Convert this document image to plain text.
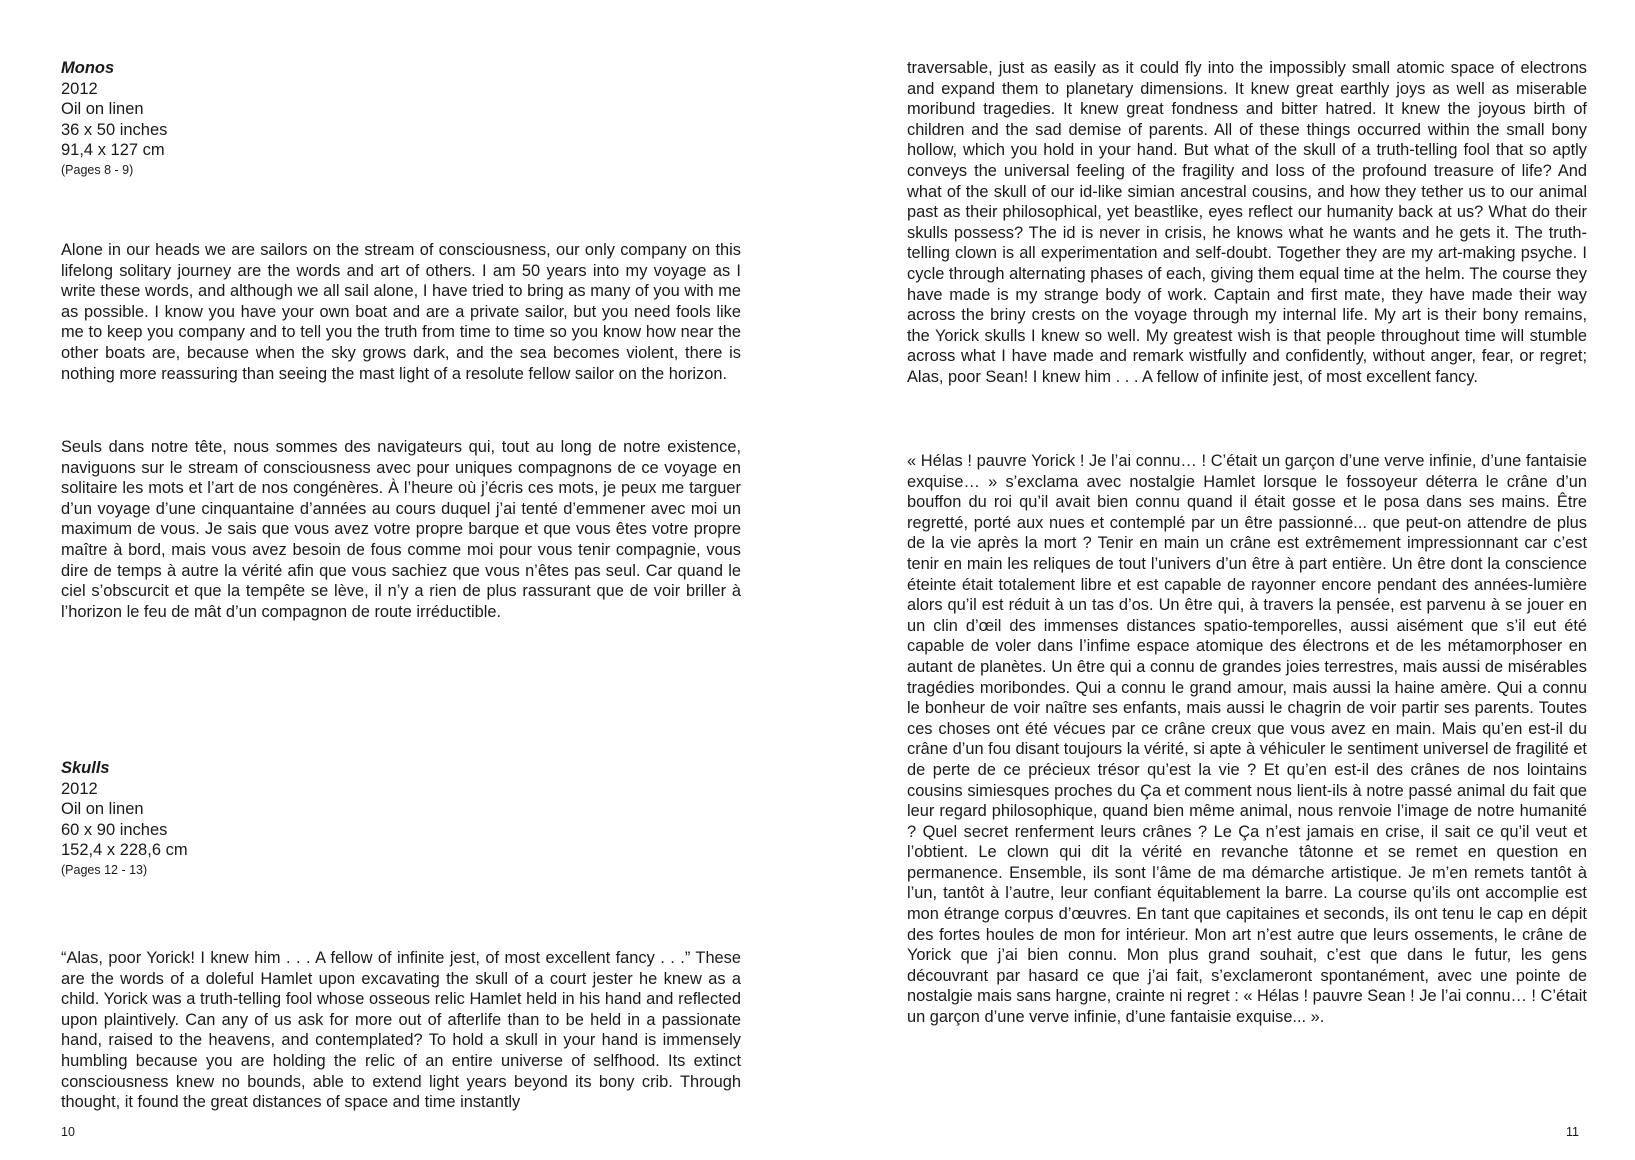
Monos
2012
Oil on linen
36 x 50 inches
91,4 x 127 cm
(Pages 8 - 9)
Alone in our heads we are sailors on the stream of consciousness, our only company on this lifelong solitary journey are the words and art of others. I am 50 years into my voyage as I write these words, and although we all sail alone, I have tried to bring as many of you with me as possible. I know you have your own boat and are a private sailor, but you need fools like me to keep you company and to tell you the truth from time to time so you know how near the other boats are, because when the sky grows dark, and the sea becomes violent, there is nothing more reassuring than seeing the mast light of a resolute fellow sailor on the horizon.
Seuls dans notre tête, nous sommes des navigateurs qui, tout au long de notre existence, naviguons sur le stream of consciousness avec pour uniques compagnons de ce voyage en solitaire les mots et l’art de nos congénères. À l’heure où j’écris ces mots, je peux me targuer d’un voyage d’une cinquantaine d’années au cours duquel j’ai tenté d’emmener avec moi un maximum de vous. Je sais que vous avez votre propre barque et que vous êtes votre propre maître à bord, mais vous avez besoin de fous comme moi pour vous tenir compagnie, vous dire de temps à autre la vérité afin que vous sachiez que vous n’êtes pas seul. Car quand le ciel s’obscurcit et que la tempête se lève, il n’y a rien de plus rassurant que de voir briller à l’horizon le feu de mât d’un compagnon de route irréductible.
Skulls
2012
Oil on linen
60 x 90 inches
152,4 x 228,6 cm
(Pages 12 - 13)
“Alas, poor Yorick! I knew him . . . A fellow of infinite jest, of most excellent fancy . . .” These are the words of a doleful Hamlet upon excavating the skull of a court jester he knew as a child. Yorick was a truth-telling fool whose osseous relic Hamlet held in his hand and reflected upon plaintively. Can any of us ask for more out of afterlife than to be held in a passionate hand, raised to the heavens, and contemplated? To hold a skull in your hand is immensely humbling because you are holding the relic of an entire universe of selfhood. Its extinct consciousness knew no bounds, able to extend light years beyond its bony crib. Through thought, it found the great distances of space and time instantly
10
traversable, just as easily as it could fly into the impossibly small atomic space of electrons and expand them to planetary dimensions. It knew great earthly joys as well as miserable moribund tragedies. It knew great fondness and bitter hatred. It knew the joyous birth of children and the sad demise of parents. All of these things occurred within the small bony hollow, which you hold in your hand. But what of the skull of a truth-telling fool that so aptly conveys the universal feeling of the fragility and loss of the profound treasure of life? And what of the skull of our id-like simian ancestral cousins, and how they tether us to our animal past as their philosophical, yet beastlike, eyes reflect our humanity back at us? What do their skulls possess? The id is never in crisis, he knows what he wants and he gets it. The truth-telling clown is all experimentation and self-doubt. Together they are my art-making psyche. I cycle through alternating phases of each, giving them equal time at the helm. The course they have made is my strange body of work. Captain and first mate, they have made their way across the briny crests on the voyage through my internal life. My art is their bony remains, the Yorick skulls I knew so well. My greatest wish is that people throughout time will stumble across what I have made and remark wistfully and confidently, without anger, fear, or regret; Alas, poor Sean! I knew him . . . A fellow of infinite jest, of most excellent fancy.
« Hélas ! pauvre Yorick ! Je l’ai connu… ! C’était un garçon d’une verve infinie, d’une fantaisie exquise… » s’exclama avec nostalgie Hamlet lorsque le fossoyeur déterra le crâne d’un bouffon du roi qu’il avait bien connu quand il était gosse et le posa dans ses mains. Être regretté, porté aux nues et contemplé par un être passionné... que peut-on attendre de plus de la vie après la mort ? Tenir en main un crâne est extrêmement impressionnant car c’est tenir en main les reliques de tout l’univers d’un être à part entière. Un être dont la conscience éteinte était totalement libre et est capable de rayonner encore pendant des années-lumière alors qu’il est réduit à un tas d’os. Un être qui, à travers la pensée, est parvenu à se jouer en un clin d’œil des immenses distances spatio-temporelles, aussi aisément que s’il eut été capable de voler dans l’infime espace atomique des électrons et de les métamorphoser en autant de planètes. Un être qui a connu de grandes joies terrestres, mais aussi de misérables tragédies moribondes. Qui a connu le grand amour, mais aussi la haine amère. Qui a connu le bonheur de voir naître ses enfants, mais aussi le chagrin de voir partir ses parents. Toutes ces choses ont été vécues par ce crâne creux que vous avez en main. Mais qu’en est-il du crâne d’un fou disant toujours la vérité, si apte à véhiculer le sentiment universel de fragilité et de perte de ce précieux trésor qu’est la vie ? Et qu’en est-il des crânes de nos lointains cousins simiesques proches du Ça et comment nous lient-ils à notre passé animal du fait que leur regard philosophique, quand bien même animal, nous renvoie l’image de notre humanité ? Quel secret renferment leurs crânes ? Le Ça n’est jamais en crise, il sait ce qu’il veut et l’obtient. Le clown qui dit la vérité en revanche tâtonne et se remet en question en permanence. Ensemble, ils sont l’âme de ma démarche artistique. Je m’en remets tantôt à l’un, tantôt à l’autre, leur confiant équitablement la barre. La course qu’ils ont accomplie est mon étrange corpus d’œuvres. En tant que capitaines et seconds, ils ont tenu le cap en dépit des fortes houles de mon for intérieur. Mon art n’est autre que leurs ossements, le crâne de Yorick que j’ai bien connu. Mon plus grand souhait, c’est que dans le futur, les gens découvrant par hasard ce que j’ai fait, s’exclameront spontanément, avec une pointe de nostalgie mais sans hargne, crainte ni regret : « Hélas ! pauvre Sean ! Je l’ai connu… ! C’était un garçon d’une verve infinie, d’une fantaisie exquise... ».
11
